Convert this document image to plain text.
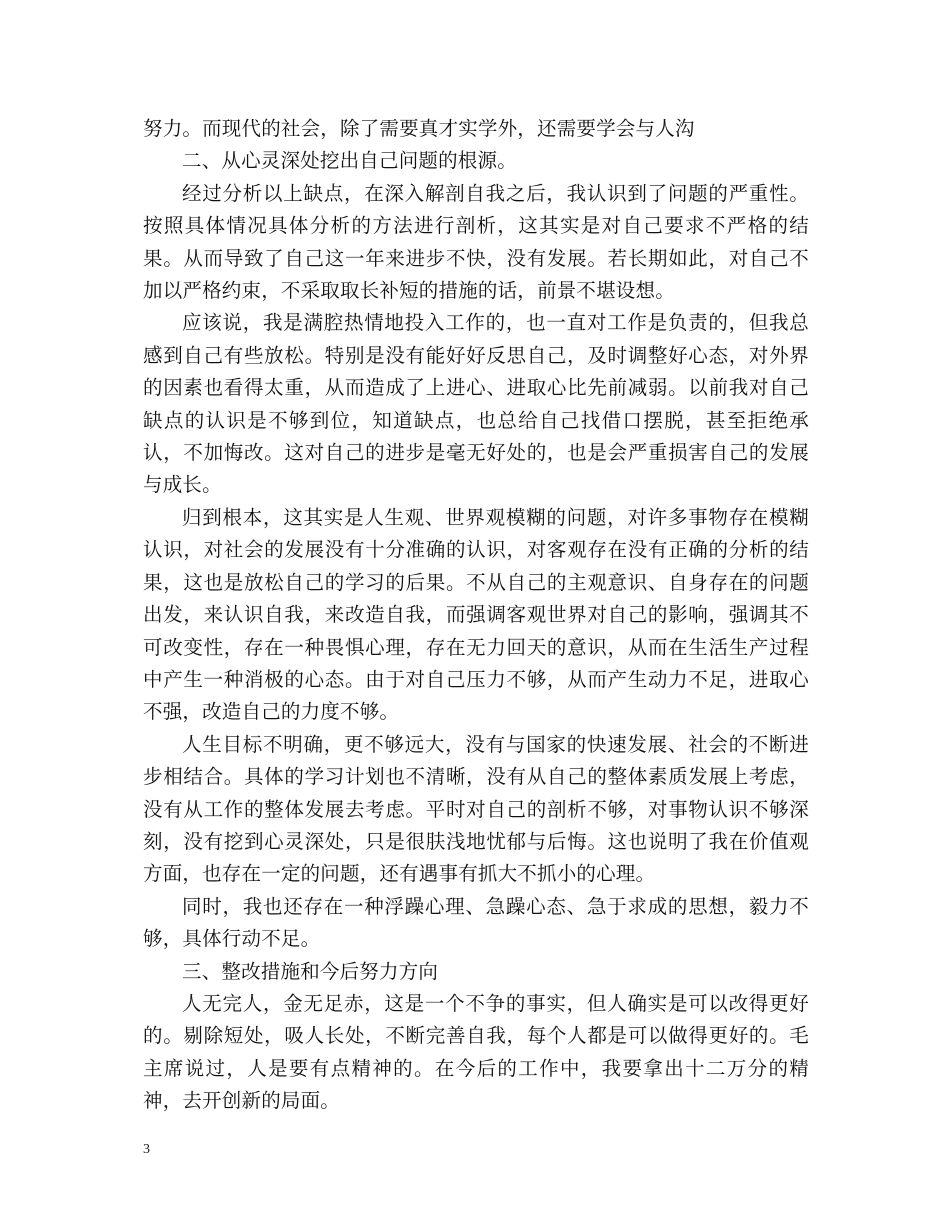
努力。而现代的社会，除了需要真才实学外，还需要学会与人沟

二、从心灵深处挖出自己问题的根源。

经过分析以上缺点，在深入解剖自我之后，我认识到了问题的严重性。按照具体情况具体分析的方法进行剖析，这其实是对自己要求不严格的结果。从而导致了自己这一年来进步不快，没有发展。若长期如此，对自己不加以严格约束，不采取取长补短的措施的话，前景不堪设想。

应该说，我是满腔热情地投入工作的，也一直对工作是负责的，但我总感到自己有些放松。特别是没有能好好反思自己，及时调整好心态，对外界的因素也看得太重，从而造成了上进心、进取心比先前减弱。以前我对自己缺点的认识是不够到位，知道缺点，也总给自己找借口摆脱，甚至拒绝承认，不加悔改。这对自己的进步是毫无好处的，也是会严重损害自己的发展与成长。

归到根本，这其实是人生观、世界观模糊的问题，对许多事物存在模糊认识，对社会的发展没有十分准确的认识，对客观存在没有正确的分析的结果，这也是放松自己的学习的后果。不从自己的主观意识、自身存在的问题出发，来认识自我，来改造自我，而强调客观世界对自己的影响，强调其不可改变性，存在一种畏惧心理，存在无力回天的意识，从而在生活生产过程中产生一种消极的心态。由于对自己压力不够，从而产生动力不足，进取心不强，改造自己的力度不够。

人生目标不明确，更不够远大，没有与国家的快速发展、社会的不断进步相结合。具体的学习计划也不清晰，没有从自己的整体素质发展上考虑，没有从工作的整体发展去考虑。平时对自己的剖析不够，对事物认识不够深刻，没有挖到心灵深处，只是很肤浅地忧郁与后悔。这也说明了我在价值观方面，也存在一定的问题，还有遇事有抓大不抓小的心理。

同时，我也还存在一种浮躁心理、急躁心态、急于求成的思想，毅力不够，具体行动不足。

三、整改措施和今后努力方向

人无完人，金无足赤，这是一个不争的事实，但人确实是可以改得更好的。剔除短处，吸人长处，不断完善自我，每个人都是可以做得更好的。毛主席说过，人是要有点精神的。在今后的工作中，我要拿出十二万分的精神，去开创新的局面。

3
